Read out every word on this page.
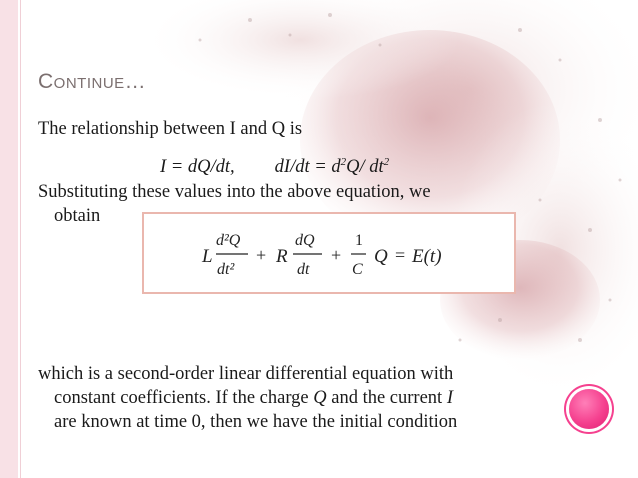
Continue…
The relationship between I and Q is
I = dQ/dt, $dI/dt = d^2Q/$ $dt^2$
Substituting these values into the above equation, we
obtain
L
d²Q
dt²
+ R
dQ
dt
+
1
C
Q = E(t)
which is a second-order linear differential equation with
constant coefficients. If the charge Q and the current I
are known at time 0, then we have the initial condition
